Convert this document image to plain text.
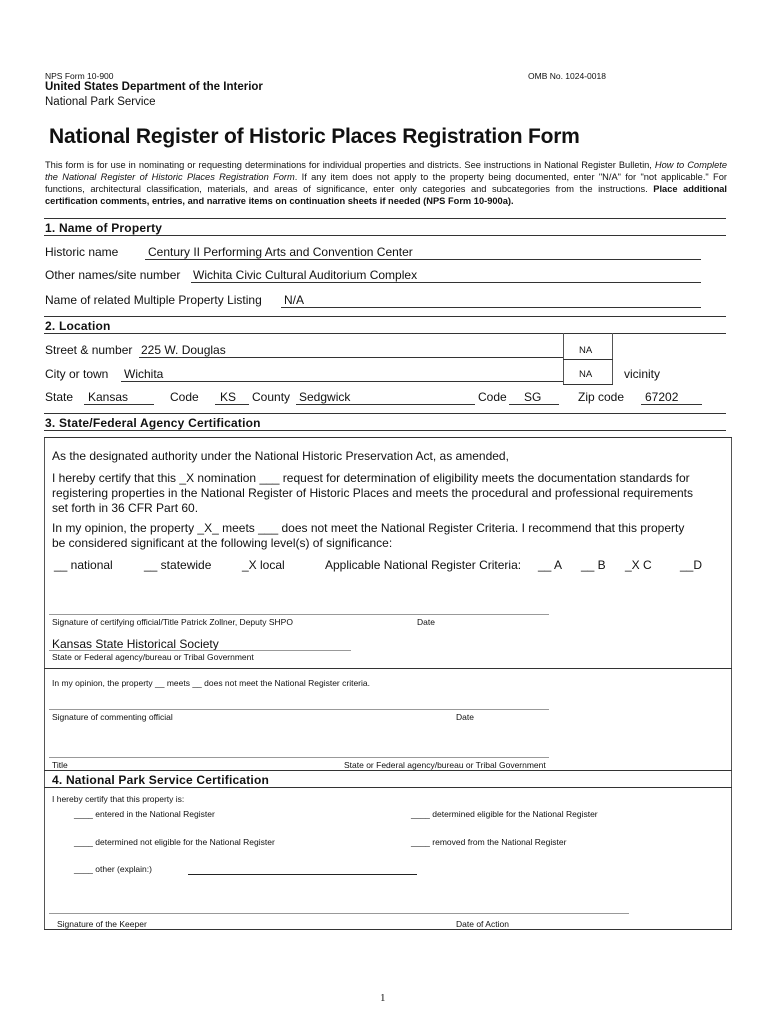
NPS Form 10-900	OMB No. 1024-0018
United States Department of the Interior
National Park Service
National Register of Historic Places Registration Form
This form is for use in nominating or requesting determinations for individual properties and districts. See instructions in National Register Bulletin, How to Complete the National Register of Historic Places Registration Form. If any item does not apply to the property being documented, enter "N/A" for "not applicable." For functions, architectural classification, materials, and areas of significance, enter only categories and subcategories from the instructions. Place additional certification comments, entries, and narrative items on continuation sheets if needed (NPS Form 10-900a).
1. Name of Property
Historic name Century II Performing Arts and Convention Center
Other names/site number Wichita Civic Cultural Auditorium Complex
Name of related Multiple Property Listing N/A
2. Location
Street & number 225 W. Douglas	NA
NA
City or town Wichita	vicinity
State	Kansas	Code	KS	County Sedgwick	Code	SG	Zip code	67202
3. State/Federal Agency Certification
As the designated authority under the National Historic Preservation Act, as amended,
I hereby certify that this _X nomination ___ request for determination of eligibility meets the documentation standards for
registering properties in the National Register of Historic Places and meets the procedural and professional requirements
set forth in 36 CFR Part 60.
In my opinion, the property _X_ meets ___ does not meet the National Register Criteria. I recommend that this property
be considered significant at the following level(s) of significance:
__ national	__ statewide	_X local	Applicable National Register Criteria: __ A __ B _X C __D
Signature of certifying official/Title Patrick Zollner, Deputy SHPO	Date
Kansas State Historical Society
State or Federal agency/bureau or Tribal Government
In my opinion, the property __ meets __ does not meet the National Register criteria.
Signature of commenting official	Date
Title	State or Federal agency/bureau or Tribal Government
4. National Park Service Certification
I hereby certify that this property is:
____ entered in the National Register	____ determined eligible for the National Register
____ determined not eligible for the National Register	____ removed from the National Register
____ other (explain:)
Signature of the Keeper	Date of Action
1
